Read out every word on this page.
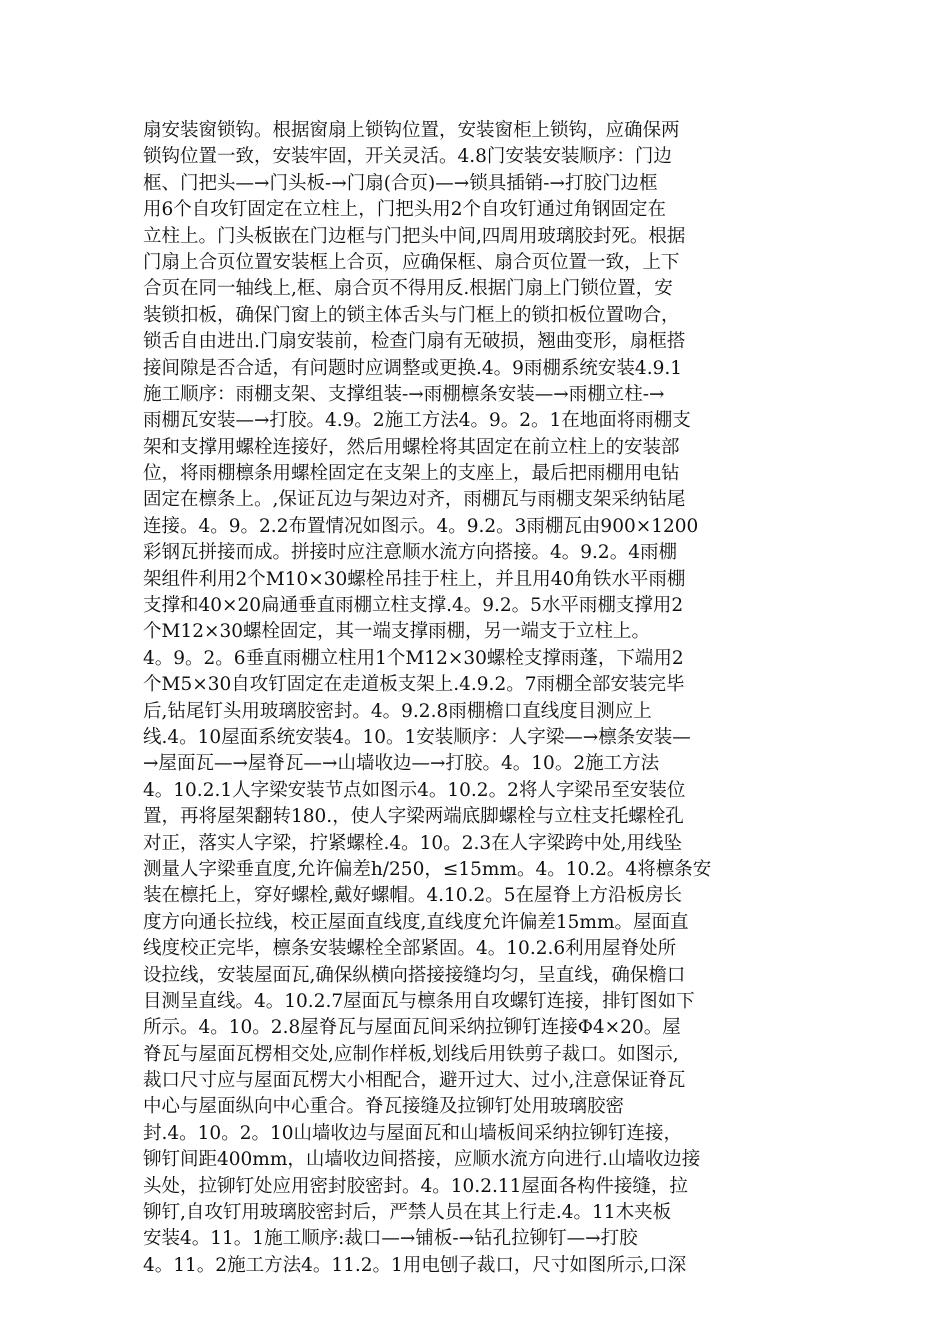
扇安装窗锁钩。根据窗扇上锁钩位置，安装窗柜上锁钩，应确保两
锁钩位置一致，安装牢固，开关灵活。4.8门安装安装顺序：门边
框、门把头—→门头板-→门扇(合页)—→锁具插销-→打胶门边框
用6个自攻钉固定在立柱上，门把头用2个自攻钉通过角钢固定在
立柱上。门头板嵌在门边框与门把头中间,四周用玻璃胶封死。根据
门扇上合页位置安装框上合页，应确保框、扇合页位置一致，上下
合页在同一轴线上,框、扇合页不得用反.根据门扇上门锁位置，安
装锁扣板，确保门窗上的锁主体舌头与门框上的锁扣板位置吻合，
锁舌自由进出.门扇安装前，检查门扇有无破损，翘曲变形，扇框搭
接间隙是否合适，有问题时应调整或更换.4。9雨棚系统安装4.9.1
施工顺序：雨棚支架、支撑组装-→雨棚檩条安装—→雨棚立柱-→
雨棚瓦安装—→打胶。4.9。2施工方法4。9。2。1在地面将雨棚支
架和支撑用螺栓连接好，然后用螺栓将其固定在前立柱上的安装部
位，将雨棚檩条用螺栓固定在支架上的支座上，最后把雨棚用电钻
固定在檩条上。,保证瓦边与架边对齐，雨棚瓦与雨棚支架采纳钻尾
连接。4。9。2.2布置情况如图示。4。9.2。3雨棚瓦由900×1200
彩钢瓦拼接而成。拼接时应注意顺水流方向搭接。4。9.2。4雨棚
架组件利用2个M10×30螺栓吊挂于柱上，并且用40角铁水平雨棚
支撑和40×20扁通垂直雨棚立柱支撑.4。9.2。5水平雨棚支撑用2
个M12×30螺栓固定，其一端支撑雨棚，另一端支于立柱上。
4。9。2。6垂直雨棚立柱用1个M12×30螺栓支撑雨蓬，下端用2
个M5×30自攻钉固定在走道板支架上.4.9.2。7雨棚全部安装完毕
后,钻尾钉头用玻璃胶密封。4。9.2.8雨棚檐口直线度目测应上
线.4。10屋面系统安装4。10。1安装顺序：人字梁—→檩条安装—
→屋面瓦—→屋脊瓦—→山墙收边—→打胶。4。10。2施工方法
4。10.2.1人字梁安装节点如图示4。10.2。2将人字梁吊至安装位
置，再将屋架翻转180.，使人字梁两端底脚螺栓与立柱支托螺栓孔
对正，落实人字梁，拧紧螺栓.4。10。2.3在人字梁跨中处,用线坠
测量人字梁垂直度,允许偏差h/250，≤15mm。4。10.2。4将檩条安
装在檩托上，穿好螺栓,戴好螺帽。4.10.2。5在屋脊上方沿板房长
度方向通长拉线，校正屋面直线度,直线度允许偏差15mm。屋面直
线度校正完毕，檩条安装螺栓全部紧固。4。10.2.6利用屋脊处所
设拉线，安装屋面瓦,确保纵横向搭接接缝均匀，呈直线，确保檐口
目测呈直线。4。10.2.7屋面瓦与檩条用自攻螺钉连接，排钉图如下
所示。4。10。2.8屋脊瓦与屋面瓦间采纳拉铆钉连接Φ4×20。屋
脊瓦与屋面瓦楞相交处,应制作样板,划线后用铁剪子裁口。如图示,
裁口尺寸应与屋面瓦楞大小相配合，避开过大、过小,注意保证脊瓦
中心与屋面纵向中心重合。脊瓦接缝及拉铆钉处用玻璃胶密
封.4。10。2。10山墙收边与屋面瓦和山墙板间采纳拉铆钉连接，
铆钉间距400mm，山墙收边间搭接，应顺水流方向进行.山墙收边接
头处，拉铆钉处应用密封胶密封。4。10.2.11屋面各构件接缝，拉
铆钉,自攻钉用玻璃胶密封后，严禁人员在其上行走.4。11木夹板
安装4。11。1施工顺序:裁口—→铺板-→钻孔拉铆钉—→打胶
4。11。2施工方法4。11.2。1用电刨子裁口，尺寸如图所示,口深
